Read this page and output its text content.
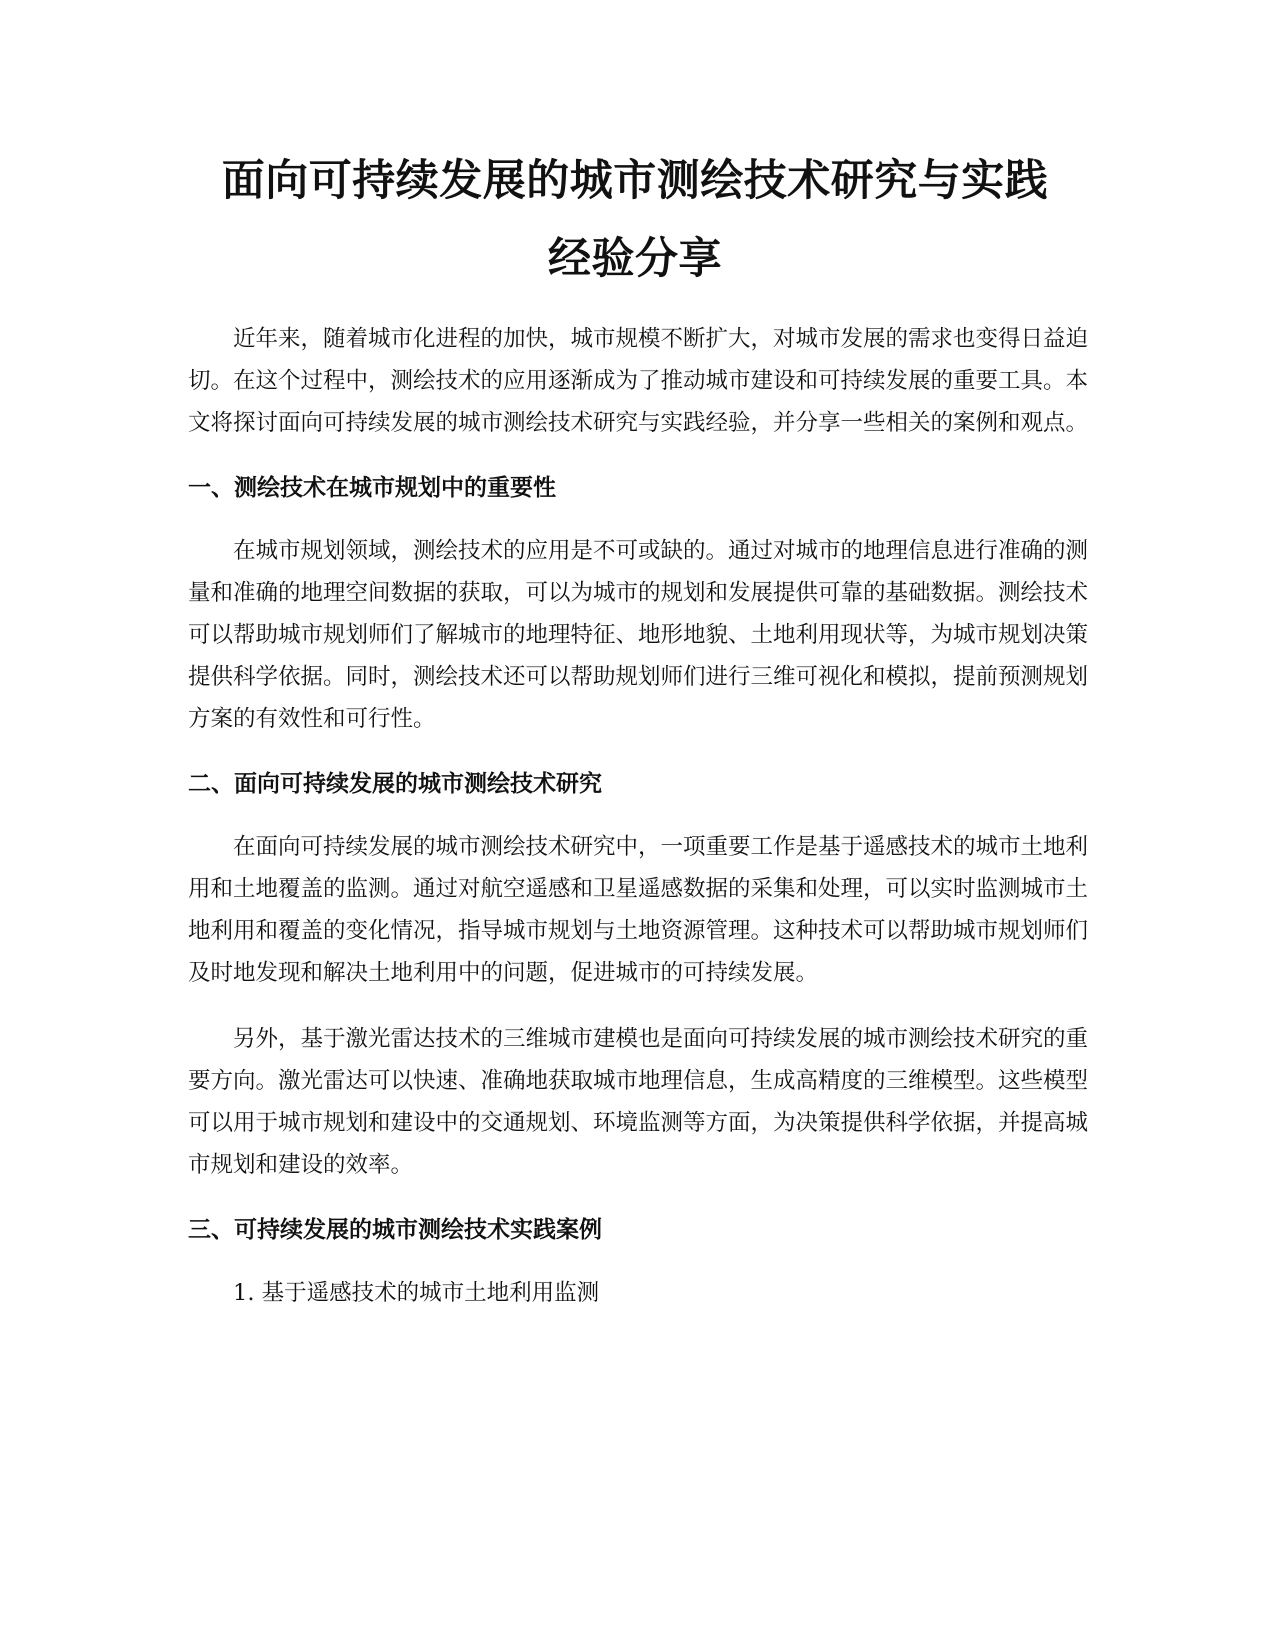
面向可持续发展的城市测绘技术研究与实践
经验分享

近年来，随着城市化进程的加快，城市规模不断扩大，对城市发展的需求也变得日益迫切。在这个过程中，测绘技术的应用逐渐成为了推动城市建设和可持续发展的重要工具。本文将探讨面向可持续发展的城市测绘技术研究与实践经验，并分享一些相关的案例和观点。

一、测绘技术在城市规划中的重要性

在城市规划领域，测绘技术的应用是不可或缺的。通过对城市的地理信息进行准确的测量和准确的地理空间数据的获取，可以为城市的规划和发展提供可靠的基础数据。测绘技术可以帮助城市规划师们了解城市的地理特征、地形地貌、土地利用现状等，为城市规划决策提供科学依据。同时，测绘技术还可以帮助规划师们进行三维可视化和模拟，提前预测规划方案的有效性和可行性。

二、面向可持续发展的城市测绘技术研究

在面向可持续发展的城市测绘技术研究中，一项重要工作是基于遥感技术的城市土地利用和土地覆盖的监测。通过对航空遥感和卫星遥感数据的采集和处理，可以实时监测城市土地利用和覆盖的变化情况，指导城市规划与土地资源管理。这种技术可以帮助城市规划师们及时地发现和解决土地利用中的问题，促进城市的可持续发展。

另外，基于激光雷达技术的三维城市建模也是面向可持续发展的城市测绘技术研究的重要方向。激光雷达可以快速、准确地获取城市地理信息，生成高精度的三维模型。这些模型可以用于城市规划和建设中的交通规划、环境监测等方面，为决策提供科学依据，并提高城市规划和建设的效率。

三、可持续发展的城市测绘技术实践案例

1. 基于遥感技术的城市土地利用监测
